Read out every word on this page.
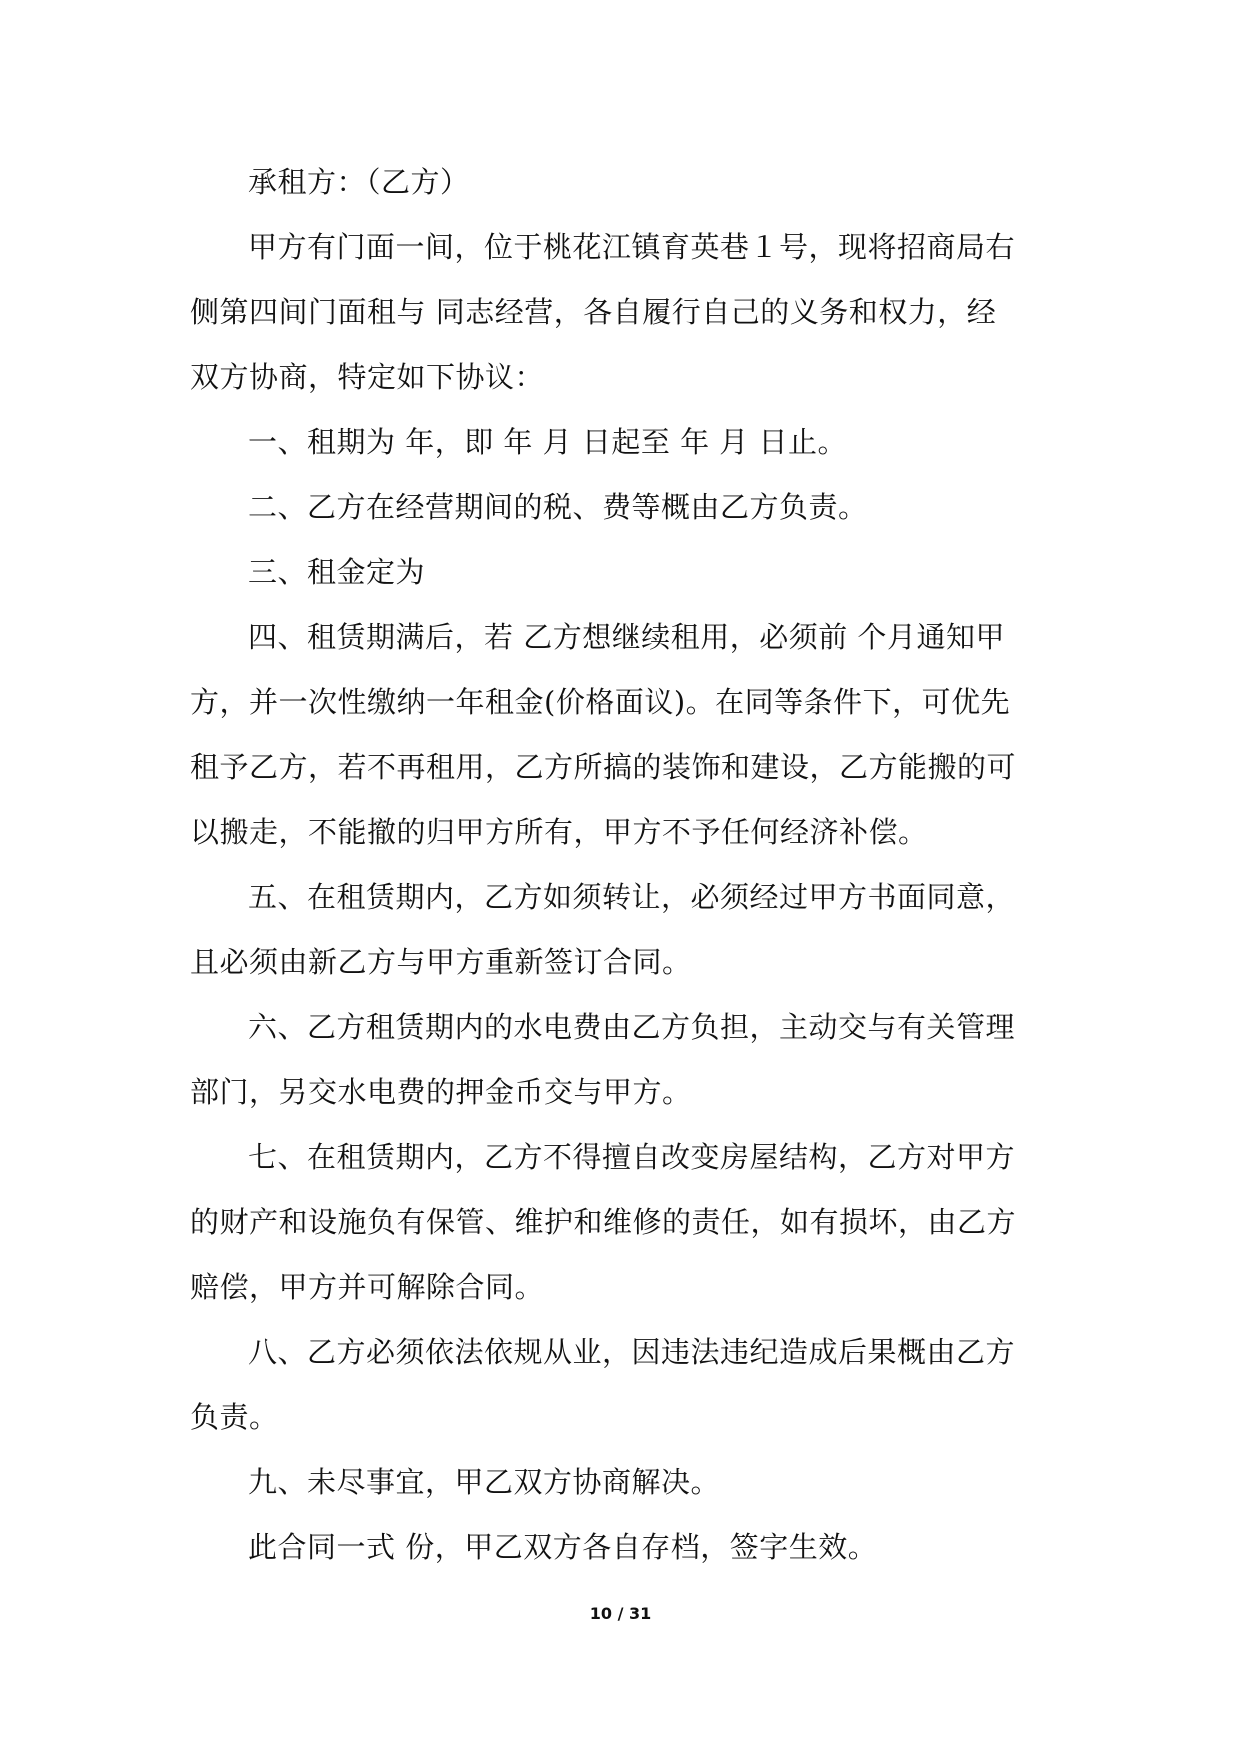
承租方：（乙方）

甲方有门面一间，位于桃花江镇育英巷１号，现将招商局右
侧第四间门面租与 同志经营，各自履行自己的义务和权力，经
双方协商，特定如下协议：

一、租期为 年，即 年 月 日起至 年 月 日止。

二、乙方在经营期间的税、费等概由乙方负责。

三、租金定为

四、租赁期满后，若 乙方想继续租用，必须前 个月通知甲
方，并一次性缴纳一年租金(价格面议)。在同等条件下，可优先
租予乙方，若不再租用，乙方所搞的装饰和建设，乙方能搬的可
以搬走，不能撤的归甲方所有，甲方不予任何经济补偿。

五、在租赁期内，乙方如须转让，必须经过甲方书面同意，
且必须由新乙方与甲方重新签订合同。

六、乙方租赁期内的水电费由乙方负担，主动交与有关管理
部门，另交水电费的押金币交与甲方。

七、在租赁期内，乙方不得擅自改变房屋结构，乙方对甲方
的财产和设施负有保管、维护和维修的责任，如有损坏，由乙方
赔偿，甲方并可解除合同。

八、乙方必须依法依规从业，因违法违纪造成后果概由乙方
负责。

九、未尽事宜，甲乙双方协商解决。

此合同一式 份，甲乙双方各自存档，签字生效。

10 / 31
